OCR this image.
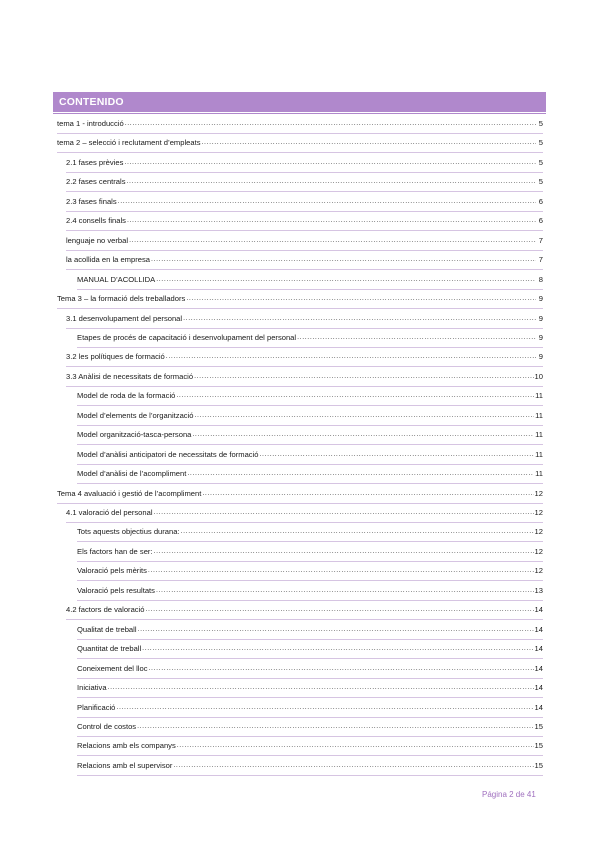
CONTENIDO
tema 1 - introducció .....	5
tema 2 – selecció i reclutament d’empleats .....	5
2.1 fases prèvies .....	5
2.2 fases centrals .....	5
2.3 fases finals .....	6
2.4 consells finals .....	6
lenguaje no verbal .....	7
la acollida en la empresa .....	7
MANUAL D’ACOLLIDA .....	8
Tema 3 – la formació dels treballadors .....	9
3.1 desenvolupament del personal .....	9
Etapes de procés de capacitació i desenvolupament del personal .....	9
3.2 les polítiques de formació .....	9
3.3 Anàlisi de necessitats de formació .....	10
Model de roda de la formació .....	11
Model d’elements de l’organització .....	11
Model organització-tasca-persona .....	11
Model d’anàlisi anticipatori de necessitats de formació .....	11
Model d’anàlisi de l’acompliment .....	11
Tema 4 avaluació i gestió de l’acompliment .....	12
4.1 valoració del personal .....	12
Tots aquests objectius durana: .....	12
Els factors han de ser: .....	12
Valoració pels mèrits .....	12
Valoració pels resultats .....	13
4.2 factors de valoració .....	14
Qualitat de treball .....	14
Quantitat de treball .....	14
Coneixement del lloc .....	14
Iniciativa .....	14
Planificació .....	14
Control de costos .....	15
Relacions amb els companys .....	15
Relacions amb el supervisor .....	15
Página 2 de 41
